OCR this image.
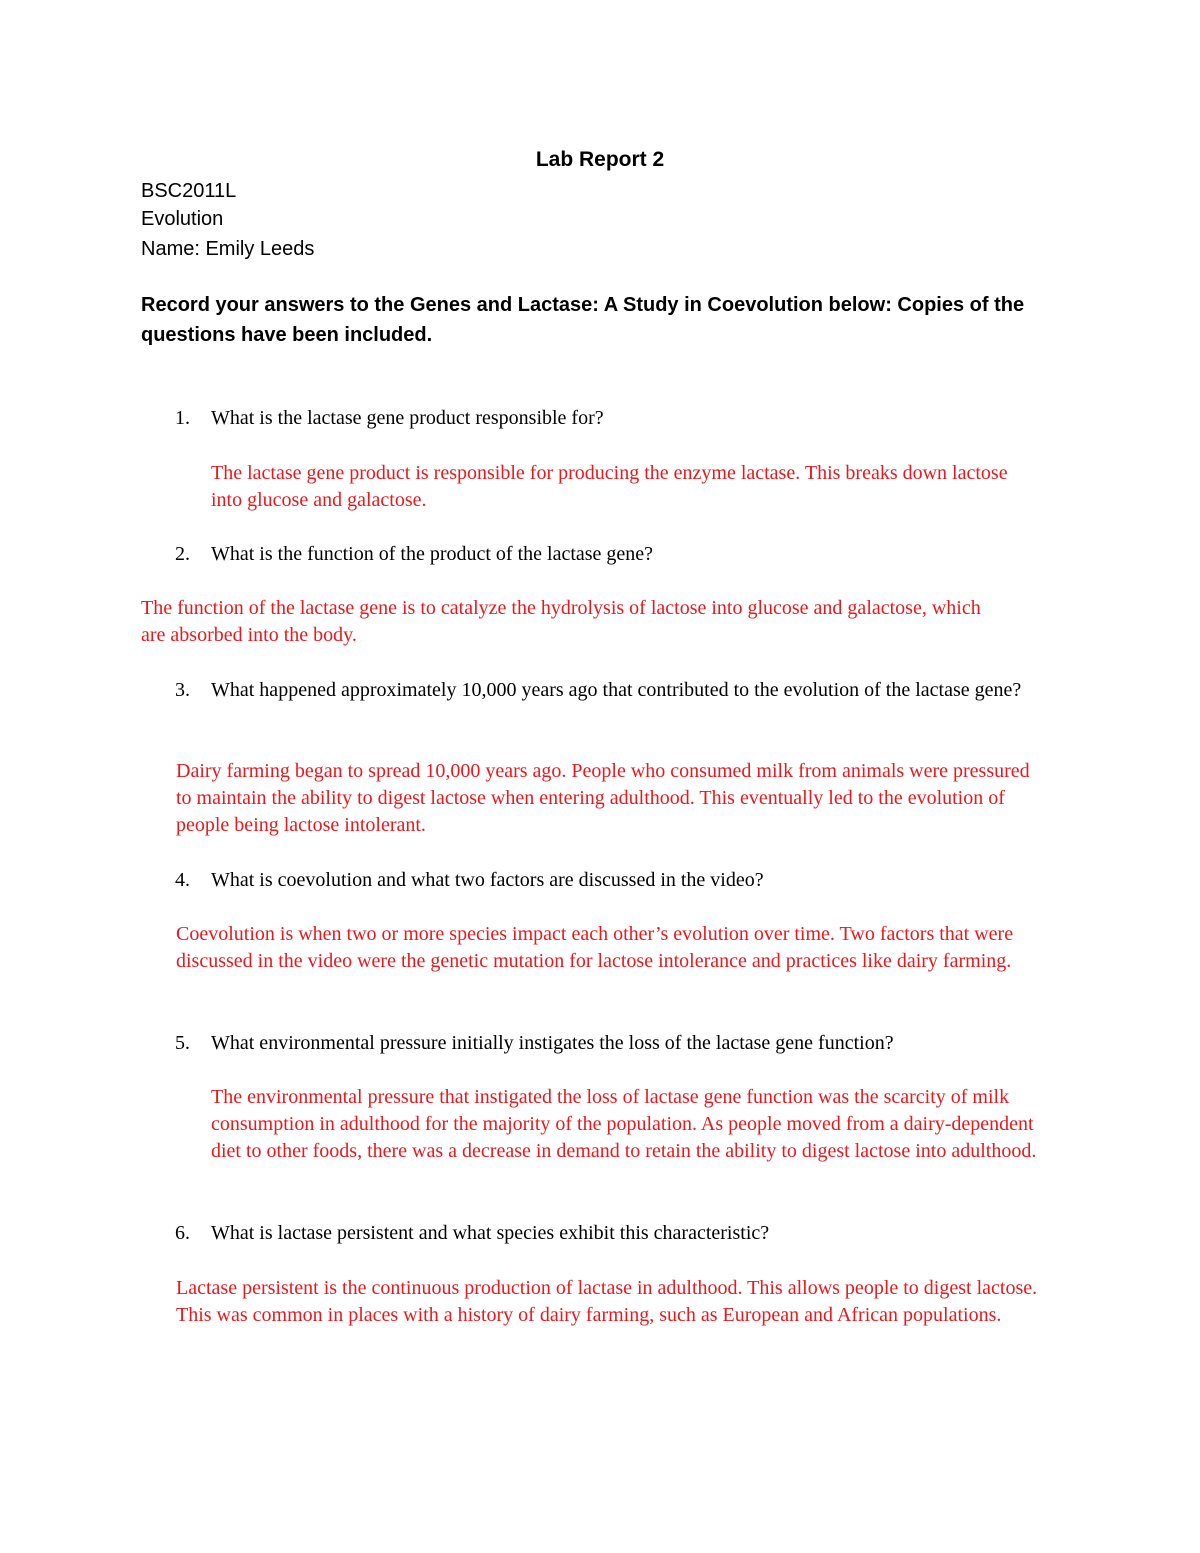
Lab Report 2
BSC2011L
Evolution
Name: Emily Leeds
Record your answers to the Genes and Lactase: A Study in Coevolution below: Copies of the questions have been included.
1. What is the lactase gene product responsible for?
The lactase gene product is responsible for producing the enzyme lactase. This breaks down lactose into glucose and galactose.
2. What is the function of the product of the lactase gene?
The function of the lactase gene is to catalyze the hydrolysis of lactose into glucose and galactose, which are absorbed into the body.
3. What happened approximately 10,000 years ago that contributed to the evolution of the lactase gene?
Dairy farming began to spread 10,000 years ago. People who consumed milk from animals were pressured to maintain the ability to digest lactose when entering adulthood. This eventually led to the evolution of people being lactose intolerant.
4. What is coevolution and what two factors are discussed in the video?
Coevolution is when two or more species impact each other’s evolution over time. Two factors that were discussed in the video were the genetic mutation for lactose intolerance and practices like dairy farming.
5. What environmental pressure initially instigates the loss of the lactase gene function?
The environmental pressure that instigated the loss of lactase gene function was the scarcity of milk consumption in adulthood for the majority of the population. As people moved from a dairy-dependent diet to other foods, there was a decrease in demand to retain the ability to digest lactose into adulthood.
6. What is lactase persistent and what species exhibit this characteristic?
Lactase persistent is the continuous production of lactase in adulthood. This allows people to digest lactose. This was common in places with a history of dairy farming, such as European and African populations.
